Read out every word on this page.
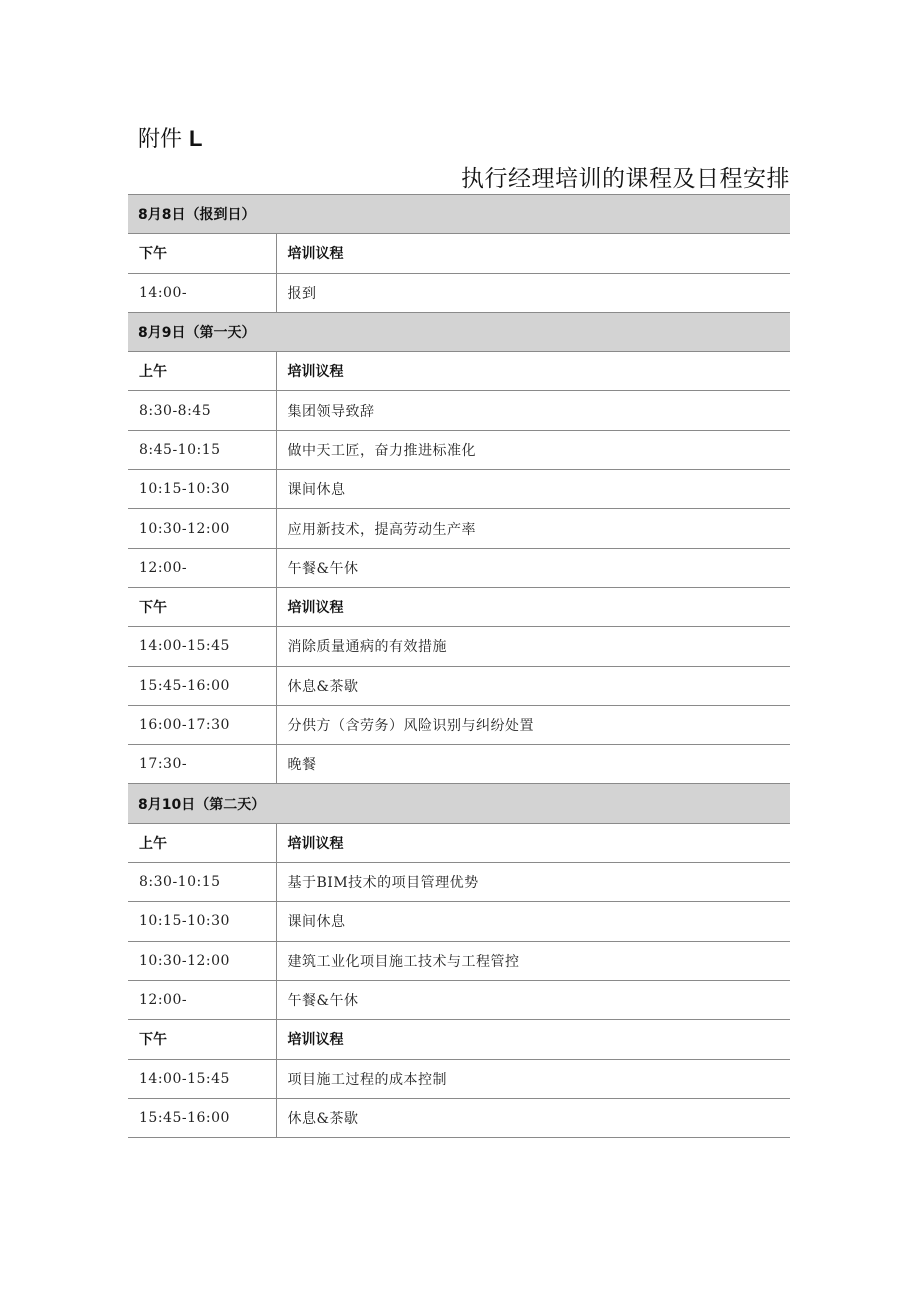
附件 L
执行经理培训的课程及日程安排
8月8日（报到日）	
下午	培训议程
14:00-	报到
8月9日（第一天）	
上午	培训议程
8:30-8:45	集团领导致辞
8:45-10:15	做中天工匠，奋力推进标准化
10:15-10:30	课间休息
10:30-12:00	应用新技术，提高劳动生产率
12:00-	午餐&午休
下午	培训议程
14:00-15:45	消除质量通病的有效措施
15:45-16:00	休息&茶歇
16:00-17:30	分供方（含劳务）风险识别与纠纷处置
17:30-	晚餐
8月10日（第二天）	
上午	培训议程
8:30-10:15	基于BIM技术的项目管理优势
10:15-10:30	课间休息
10:30-12:00	建筑工业化项目施工技术与工程管控
12:00-	午餐&午休
下午	培训议程
14:00-15:45	项目施工过程的成本控制
15:45-16:00	休息&茶歇
